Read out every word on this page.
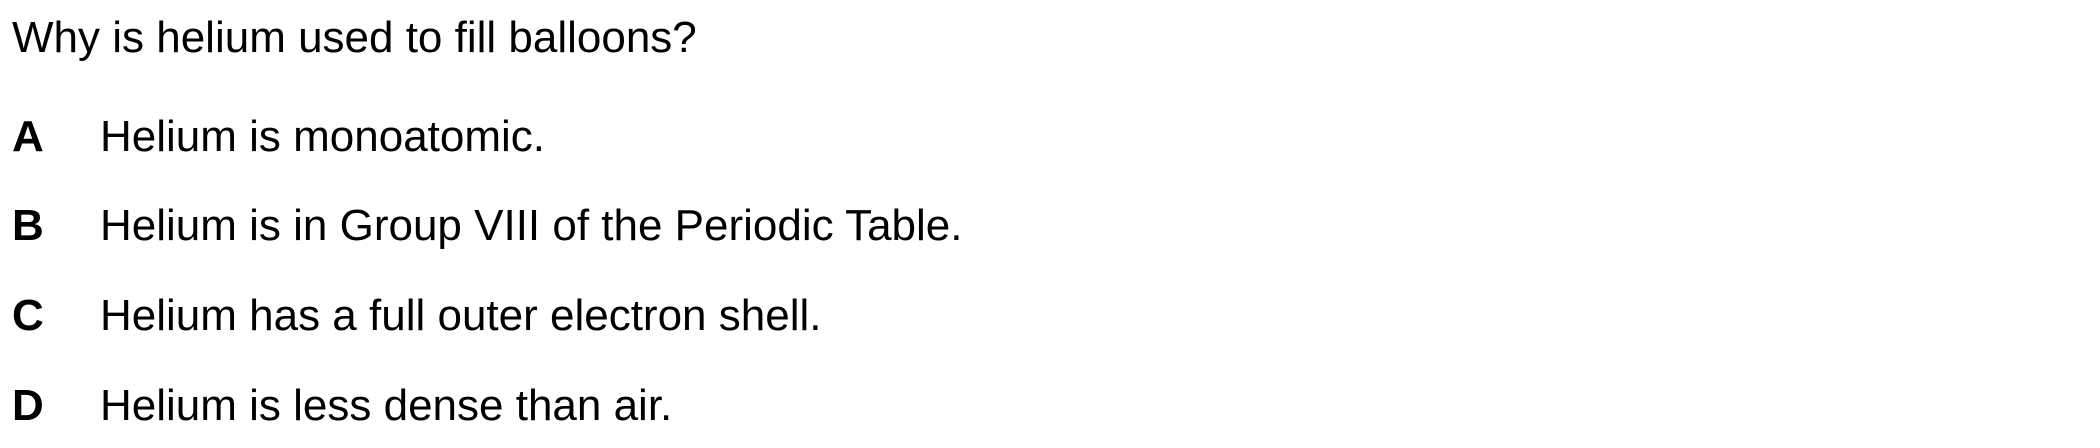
Why is helium used to fill balloons?
A Helium is monoatomic.
B Helium is in Group VIII of the Periodic Table.
C Helium has a full outer electron shell.
D Helium is less dense than air.
